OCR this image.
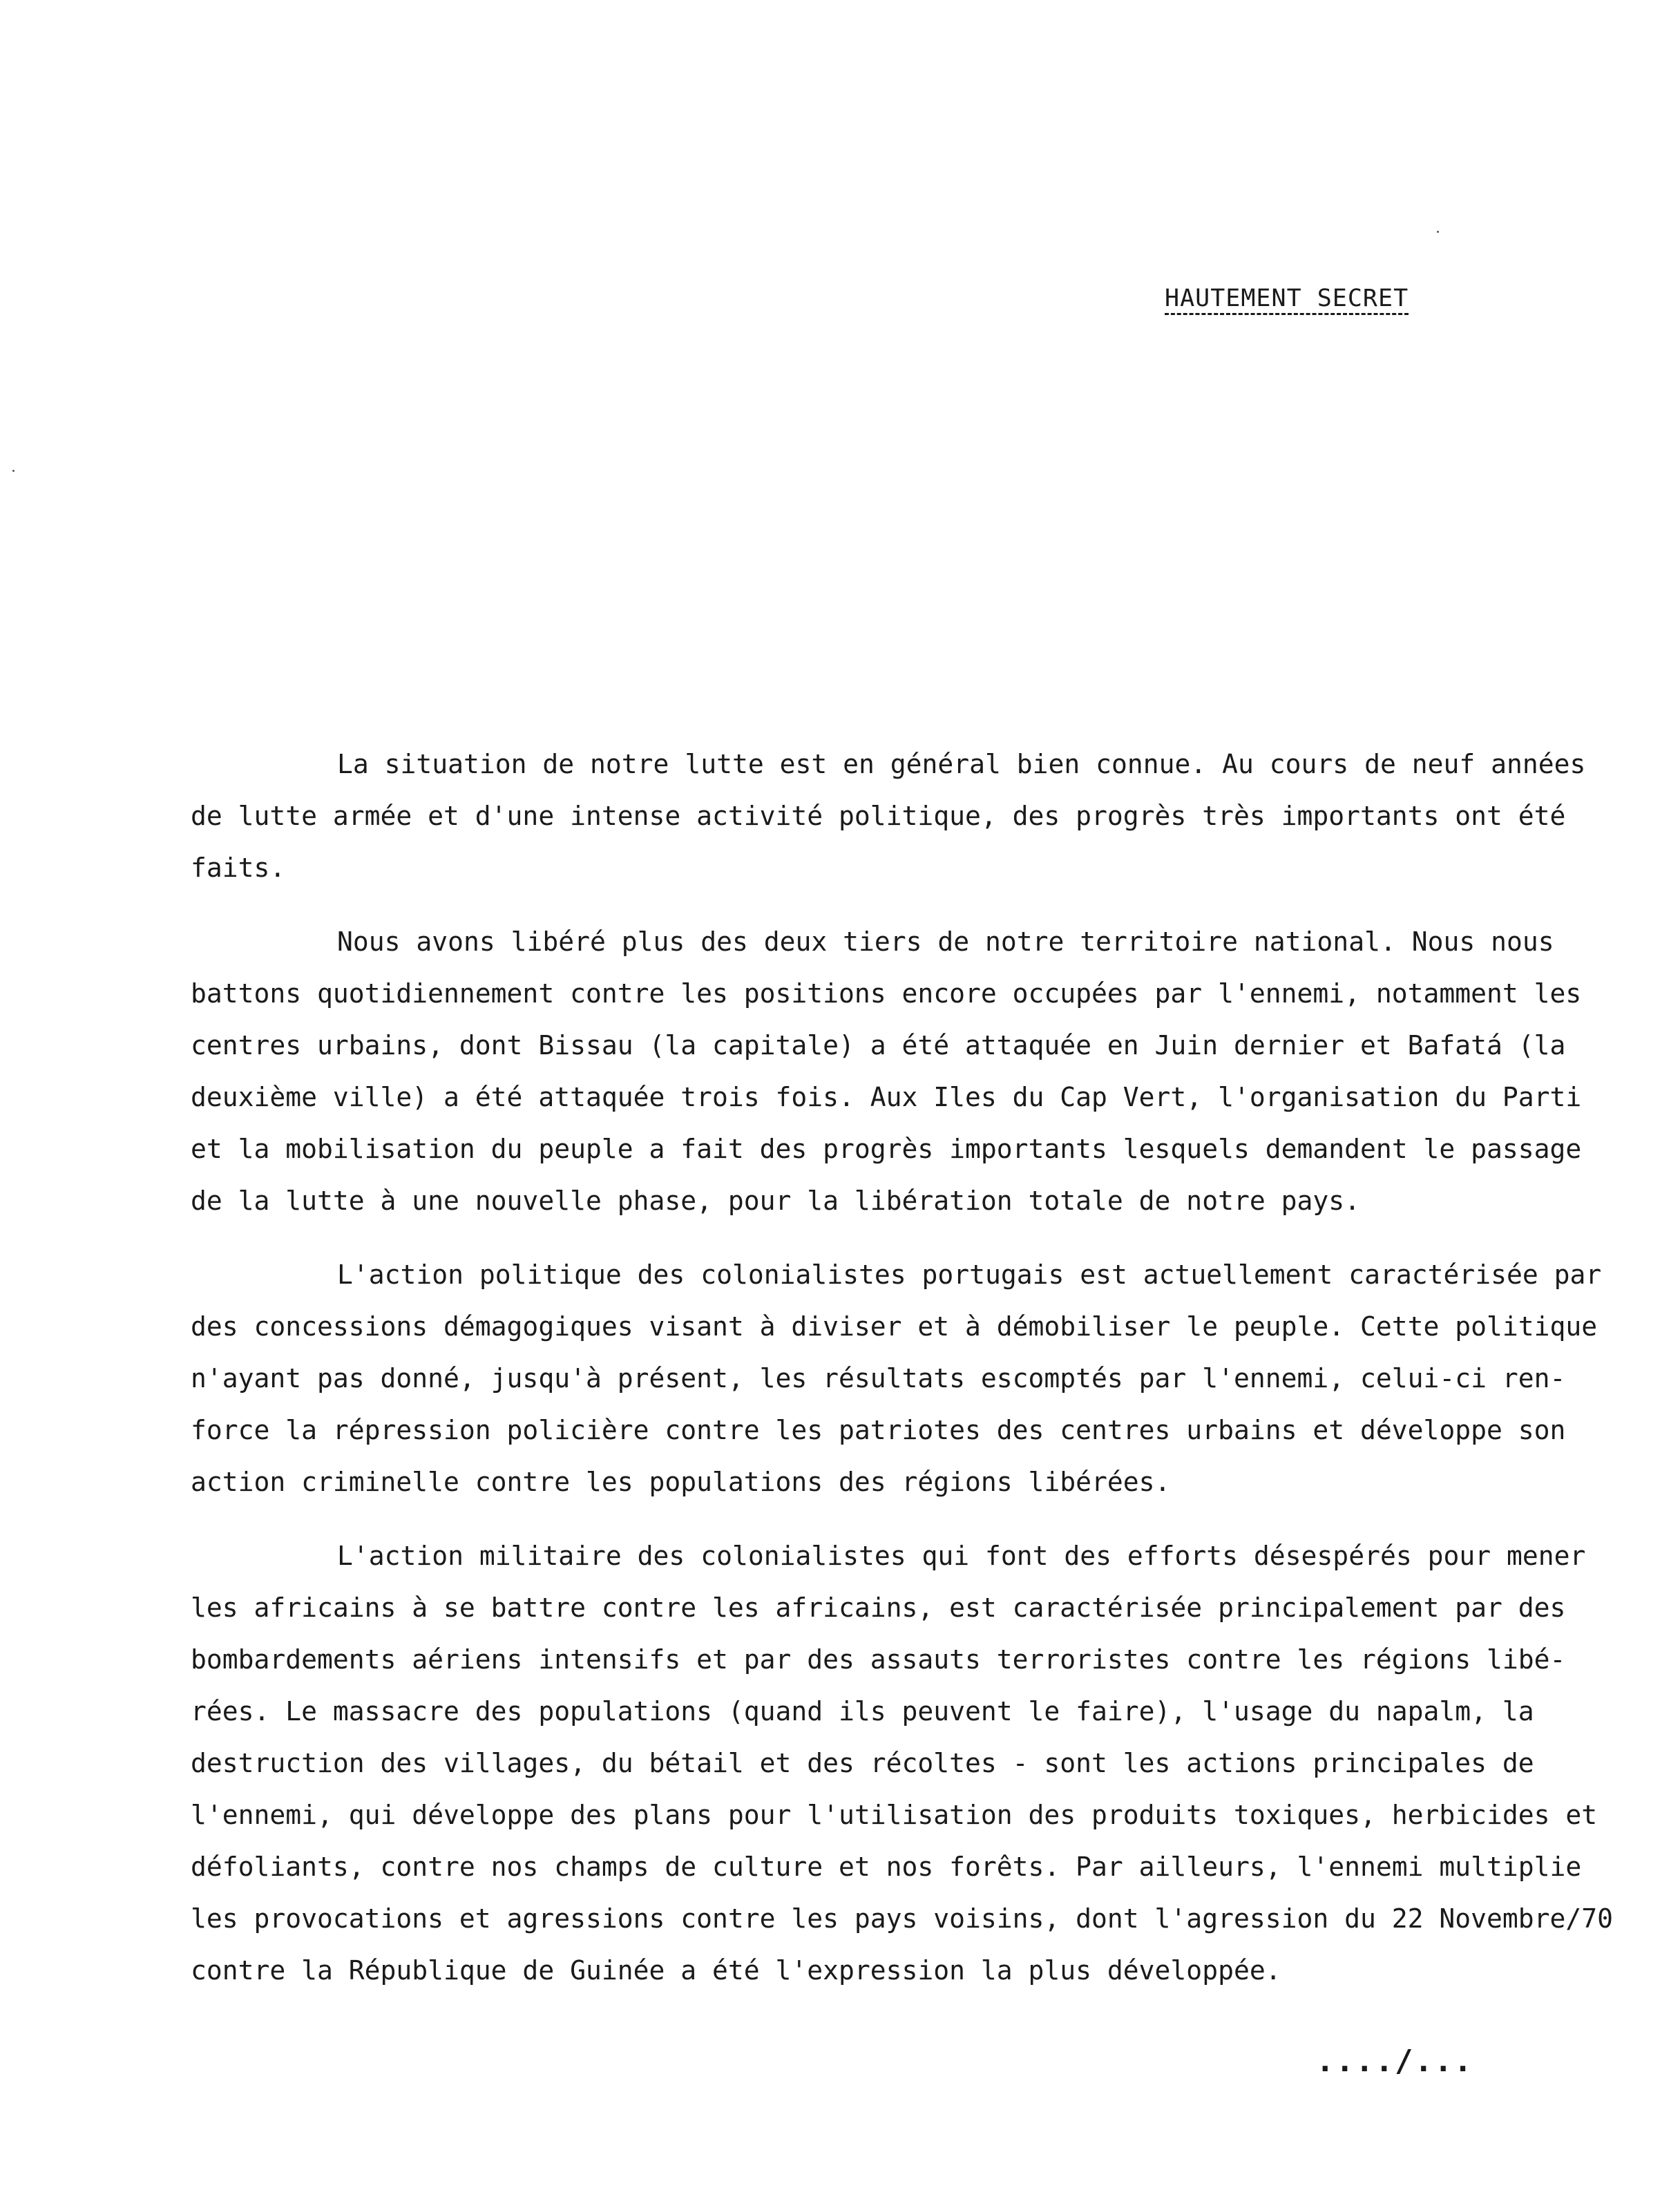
HAUTEMENT SECRET
La situation de notre lutte est en général bien connue. Au cours de neuf années
de lutte armée et d'une intense activité politique, des progrès très importants ont été
faits.
Nous avons libéré plus des deux tiers de notre territoire national. Nous nous
battons quotidiennement contre les positions encore occupées par l'ennemi, notamment les
centres urbains, dont Bissau (la capitale) a été attaquée en Juin dernier et Bafatá (la
deuxième ville) a été attaquée trois fois. Aux Iles du Cap Vert, l'organisation du Parti
et la mobilisation du peuple a fait des progrès importants lesquels demandent le passage
de la lutte à une nouvelle phase, pour la libération totale de notre pays.
L'action politique des colonialistes portugais est actuellement caractérisée par
des concessions démagogiques visant à diviser et à démobiliser le peuple. Cette politique
n'ayant pas donné, jusqu'à présent, les résultats escomptés par l'ennemi, celui-ci ren-
force la répression policière contre les patriotes des centres urbains et développe son
action criminelle contre les populations des régions libérées.
L'action militaire des colonialistes qui font des efforts désespérés pour mener
les africains à se battre contre les africains, est caractérisée principalement par des
bombardements aériens intensifs et par des assauts terroristes contre les régions libé-
rées. Le massacre des populations (quand ils peuvent le faire), l'usage du napalm, la
destruction des villages, du bétail et des récoltes - sont les actions principales de
l'ennemi, qui développe des plans pour l'utilisation des produits toxiques, herbicides et
défoliants, contre nos champs de culture et nos forêts. Par ailleurs, l'ennemi multiplie
les provocations et agressions contre les pays voisins, dont l'agression du 22 Novembre/70
contre la République de Guinée a été l'expression la plus développée.
..../...
